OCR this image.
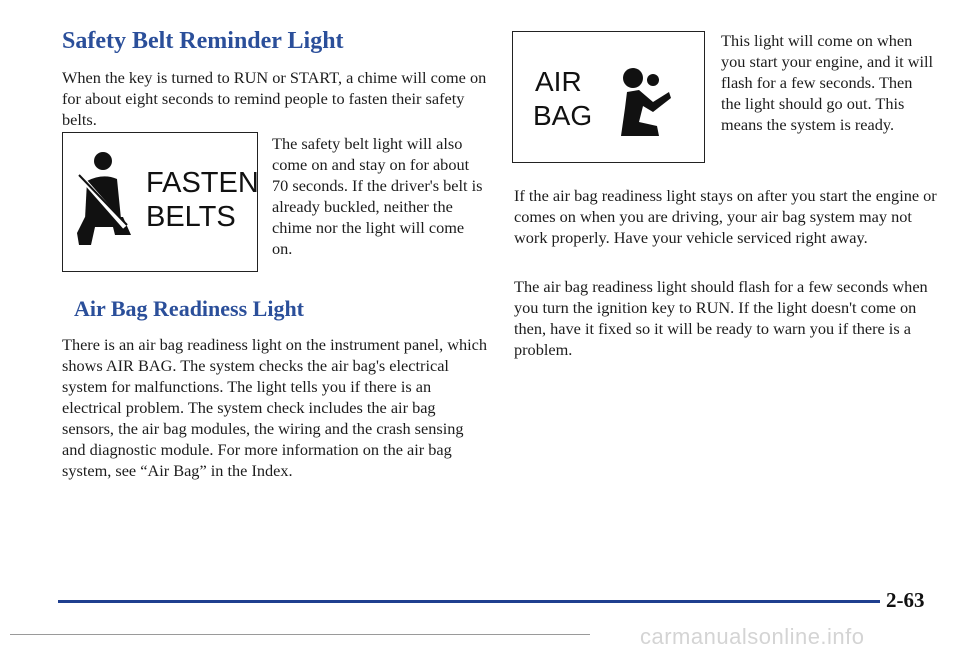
Safety Belt Reminder Light

When the key is turned to RUN or START, a chime will come on for about eight seconds to remind people to fasten their safety belts.

FASTEN
BELTS

The safety belt light will also come on and stay on for about 70 seconds. If the driver's belt is already buckled, neither the chime nor the light will come on.

Air Bag Readiness Light

There is an air bag readiness light on the instrument panel, which shows AIR BAG. The system checks the air bag's electrical system for malfunctions. The light tells you if there is an electrical problem. The system check includes the air bag sensors, the air bag modules, the wiring and the crash sensing and diagnostic module. For more information on the air bag system, see “Air Bag” in the Index.

AIR
BAG

This light will come on when you start your engine, and it will flash for a few seconds. Then the light should go out. This means the system is ready.

If the air bag readiness light stays on after you start the engine or comes on when you are driving, your air bag system may not work properly. Have your vehicle serviced right away.

The air bag readiness light should flash for a few seconds when you turn the ignition key to RUN. If the light doesn't come on then, have it fixed so it will be ready to warn you if there is a problem.

2-63
carmanualsonline.info
